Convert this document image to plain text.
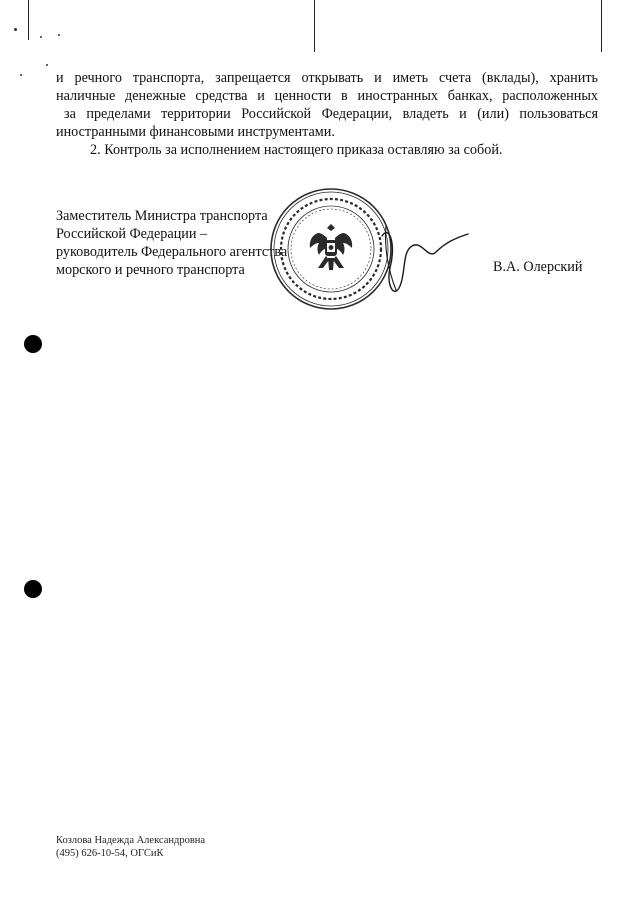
и речного транспорта, запрещается открывать и иметь счета (вклады), хранить
наличные денежные средства и ценности в иностранных банках, расположенных
за пределами территории Российской Федерации, владеть и (или) пользоваться
иностранными финансовыми инструментами.
2. Контроль за исполнением настоящего приказа оставляю за собой.
Заместитель Министра транспорта
Российской Федерации –
руководитель Федерального агентства
морского и речного транспорта	В.А. Олерский
Козлова Надежда Александровна
(495) 626-10-54, ОГСиК
